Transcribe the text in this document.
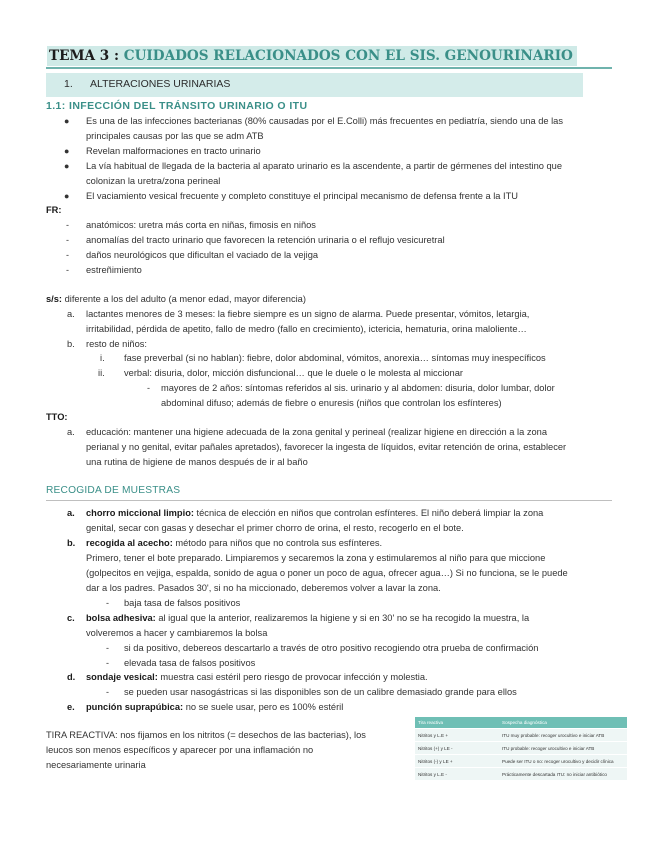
TEMA 3 : CUIDADOS RELACIONADOS CON EL SIS. GENOURINARIO
1. ALTERACIONES URINARIAS
1.1: INFECCIÓN DEL TRÁNSITO URINARIO O ITU
● Es una de las infecciones bacterianas (80% causadas por el E.Colli) más frecuentes en pediatría, siendo una de las
principales causas por las que se adm ATB
● Revelan malformaciones en tracto urinario
● La vía habitual de llegada de la bacteria al aparato urinario es la ascendente, a partir de gérmenes del intestino que
colonizan la uretra/zona perineal
● El vaciamiento vesical frecuente y completo constituye el principal mecanismo de defensa frente a la ITU
FR:
- anatómicos: uretra más corta en niñas, fimosis en niños
- anomalías del tracto urinario que favorecen la retención urinaria o el reflujo vesicuretral
- daños neurológicos que dificultan el vaciado de la vejiga
- estreñimiento
s/s: diferente a los del adulto (a menor edad, mayor diferencia)
a. lactantes menores de 3 meses: la fiebre siempre es un signo de alarma. Puede presentar, vómitos, letargia,
irritabilidad, pérdida de apetito, fallo de medro (fallo en crecimiento), ictericia, hematuria, orina maloliente…
b. resto de niños:
i. fase preverbal (si no hablan): fiebre, dolor abdominal, vómitos, anorexia… síntomas muy inespecíficos
ii. verbal: disuria, dolor, micción disfuncional… que le duele o le molesta al miccionar
- mayores de 2 años: síntomas referidos al sis. urinario y al abdomen: disuria, dolor lumbar, dolor
abdominal difuso; además de fiebre o enuresis (niños que controlan los esfínteres)
TTO:
a. educación: mantener una higiene adecuada de la zona genital y perineal (realizar higiene en dirección a la zona
perianal y no genital, evitar pañales apretados), favorecer la ingesta de líquidos, evitar retención de orina, establecer
una rutina de higiene de manos después de ir al baño
RECOGIDA DE MUESTRAS
a. chorro miccional limpio: técnica de elección en niños que controlan esfínteres. El niño deberá limpiar la zona
genital, secar con gasas y desechar el primer chorro de orina, el resto, recogerlo en el bote.
b. recogida al acecho: método para niños que no controla sus esfínteres.
Primero, tener el bote preparado. Limpiaremos y secaremos la zona y estimularemos al niño para que miccione
(golpecitos en vejiga, espalda, sonido de agua o poner un poco de agua, ofrecer agua…) Si no funciona, se le puede
dar a los padres. Pasados 30', si no ha miccionado, deberemos volver a lavar la zona.
- baja tasa de falsos positivos
c. bolsa adhesiva: al igual que la anterior, realizaremos la higiene y si en 30' no se ha recogido la muestra, la
volveremos a hacer y cambiaremos la bolsa
- si da positivo, debereos descartarlo a través de otro positivo recogiendo otra prueba de confirmación
- elevada tasa de falsos positivos
d. sondaje vesical: muestra casi estéril pero riesgo de provocar infección y molestia.
- se pueden usar nasogástricas si las disponibles son de un calibre demasiado grande para ellos
e. punción suprapúbica: no se suele usar, pero es 100% estéril
TIRA REACTIVA: nos fijamos en los nitritos (= desechos de las bacterias), los
leucos son menos específicos y aparecer por una inflamación no
necesariamente urinaria
Tira reactiva	Sospecha diagnóstica
Nitritos y L.E +	ITU muy probable: recoger urocultivo e iniciar ATB
Nitritos (+) y LE -	ITU probable: recoger urocultivo e iniciar ATB
Nitritos (-) y LE +	Puede ser ITU o no: recoger urocultivo y decidir clínica
Nitritos y L.E -	Prácticamente descartada ITU: no iniciar antibiótico
